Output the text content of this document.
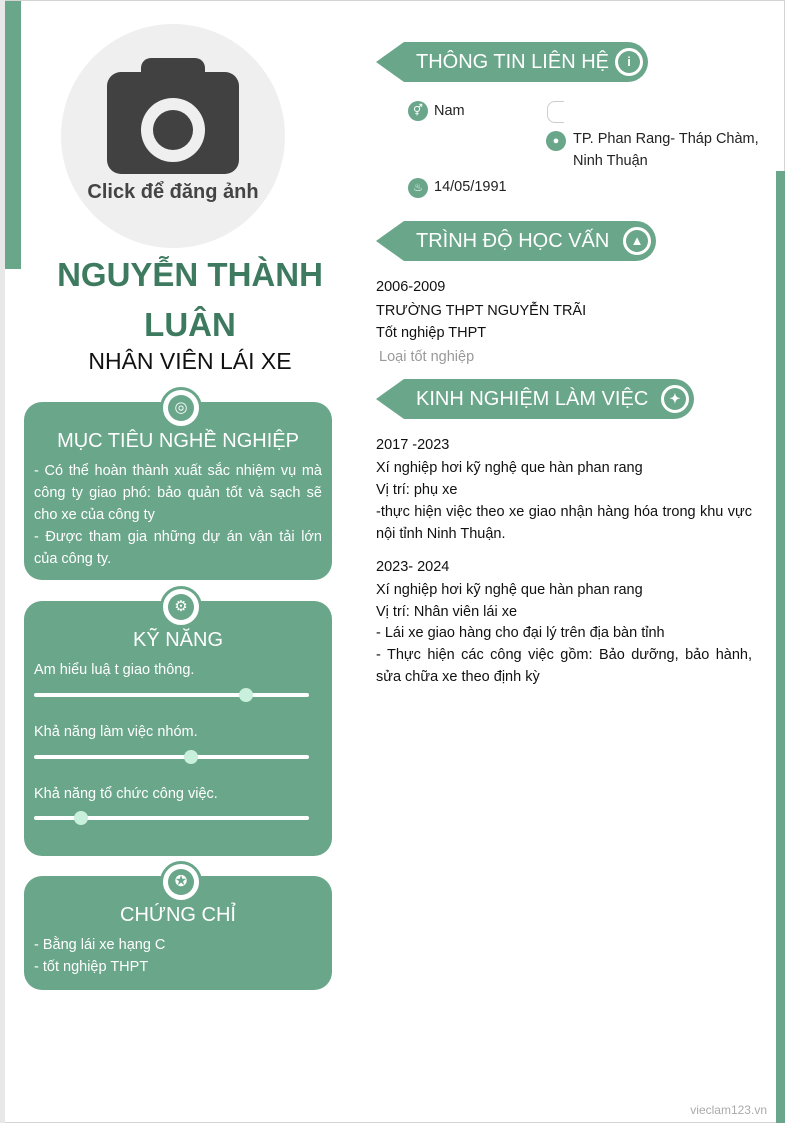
Click để đăng ảnh
NGUYỄN THÀNH
LUÂN
NHÂN VIÊN LÁI XE
MỤC TIÊU NGHỀ NGHIỆP
- Có thể hoàn thành xuất sắc nhiệm vụ mà công ty giao phó: bảo quản tốt và sạch sẽ cho xe của công ty
- Được tham gia những dự án vận tải lớn của công ty.
◎
KỸ NĂNG
Am hiểu luậ t giao thông.
Khả năng làm việc nhóm.
Khả năng tổ chức công việc.
⚙
CHỨNG CHỈ
- Bằng lái xe hạng C
- tốt nghiệp THPT
✪
THÔNG TIN LIÊN HỆ	i
⚥ Nam
● TP. Phan Rang- Tháp Chàm, Ninh Thuận
♨ 14/05/1991
TRÌNH ĐỘ HỌC VẤN	▲
2006-2009
TRƯỜNG THPT NGUYỄN TRÃI
Tốt nghiệp THPT
Loại tốt nghiệp
KINH NGHIỆM LÀM VIỆC	✦
2017 -2023
Xí nghiệp hơi kỹ nghệ que hàn phan rang
Vị trí: phụ xe
-thực hiện việc theo xe giao nhận hàng hóa trong khu vực nội tỉnh Ninh Thuận.
2023- 2024
Xí nghiệp hơi kỹ nghệ que hàn phan rang
Vị trí: Nhân viên lái xe
- Lái xe giao hàng cho đại lý trên địa bàn tỉnh
- Thực hiện các công việc gồm: Bảo dưỡng, bảo hành, sửa chữa xe theo định kỳ
vieclam123.vn
